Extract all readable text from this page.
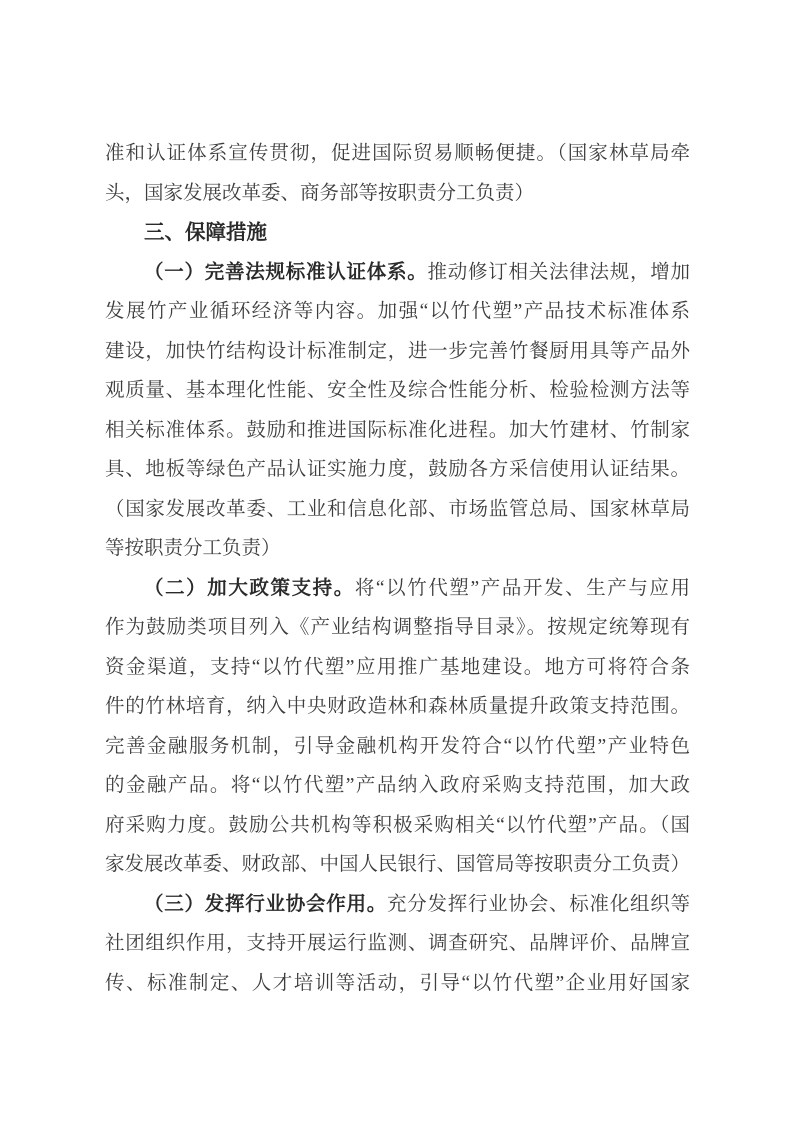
准和认证体系宣传贯彻，促进国际贸易顺畅便捷。（国家林草局牵
头，国家发展改革委、商务部等按职责分工负责）
三、保障措施
（一）完善法规标准认证体系。推动修订相关法律法规，增加
发展竹产业循环经济等内容。加强“以竹代塑”产品技术标准体系
建设，加快竹结构设计标准制定，进一步完善竹餐厨用具等产品外
观质量、基本理化性能、安全性及综合性能分析、检验检测方法等
相关标准体系。鼓励和推进国际标准化进程。加大竹建材、竹制家
具、地板等绿色产品认证实施力度，鼓励各方采信使用认证结果。
（国家发展改革委、工业和信息化部、市场监管总局、国家林草局
等按职责分工负责）
（二）加大政策支持。将“以竹代塑”产品开发、生产与应用
作为鼓励类项目列入《产业结构调整指导目录》。按规定统筹现有
资金渠道，支持“以竹代塑”应用推广基地建设。地方可将符合条
件的竹林培育，纳入中央财政造林和森林质量提升政策支持范围。
完善金融服务机制，引导金融机构开发符合“以竹代塑”产业特色
的金融产品。将“以竹代塑”产品纳入政府采购支持范围，加大政
府采购力度。鼓励公共机构等积极采购相关“以竹代塑”产品。（国
家发展改革委、财政部、中国人民银行、国管局等按职责分工负责）
（三）发挥行业协会作用。充分发挥行业协会、标准化组织等
社团组织作用，支持开展运行监测、调查研究、品牌评价、品牌宣
传、标准制定、人才培训等活动，引导“以竹代塑”企业用好国家
